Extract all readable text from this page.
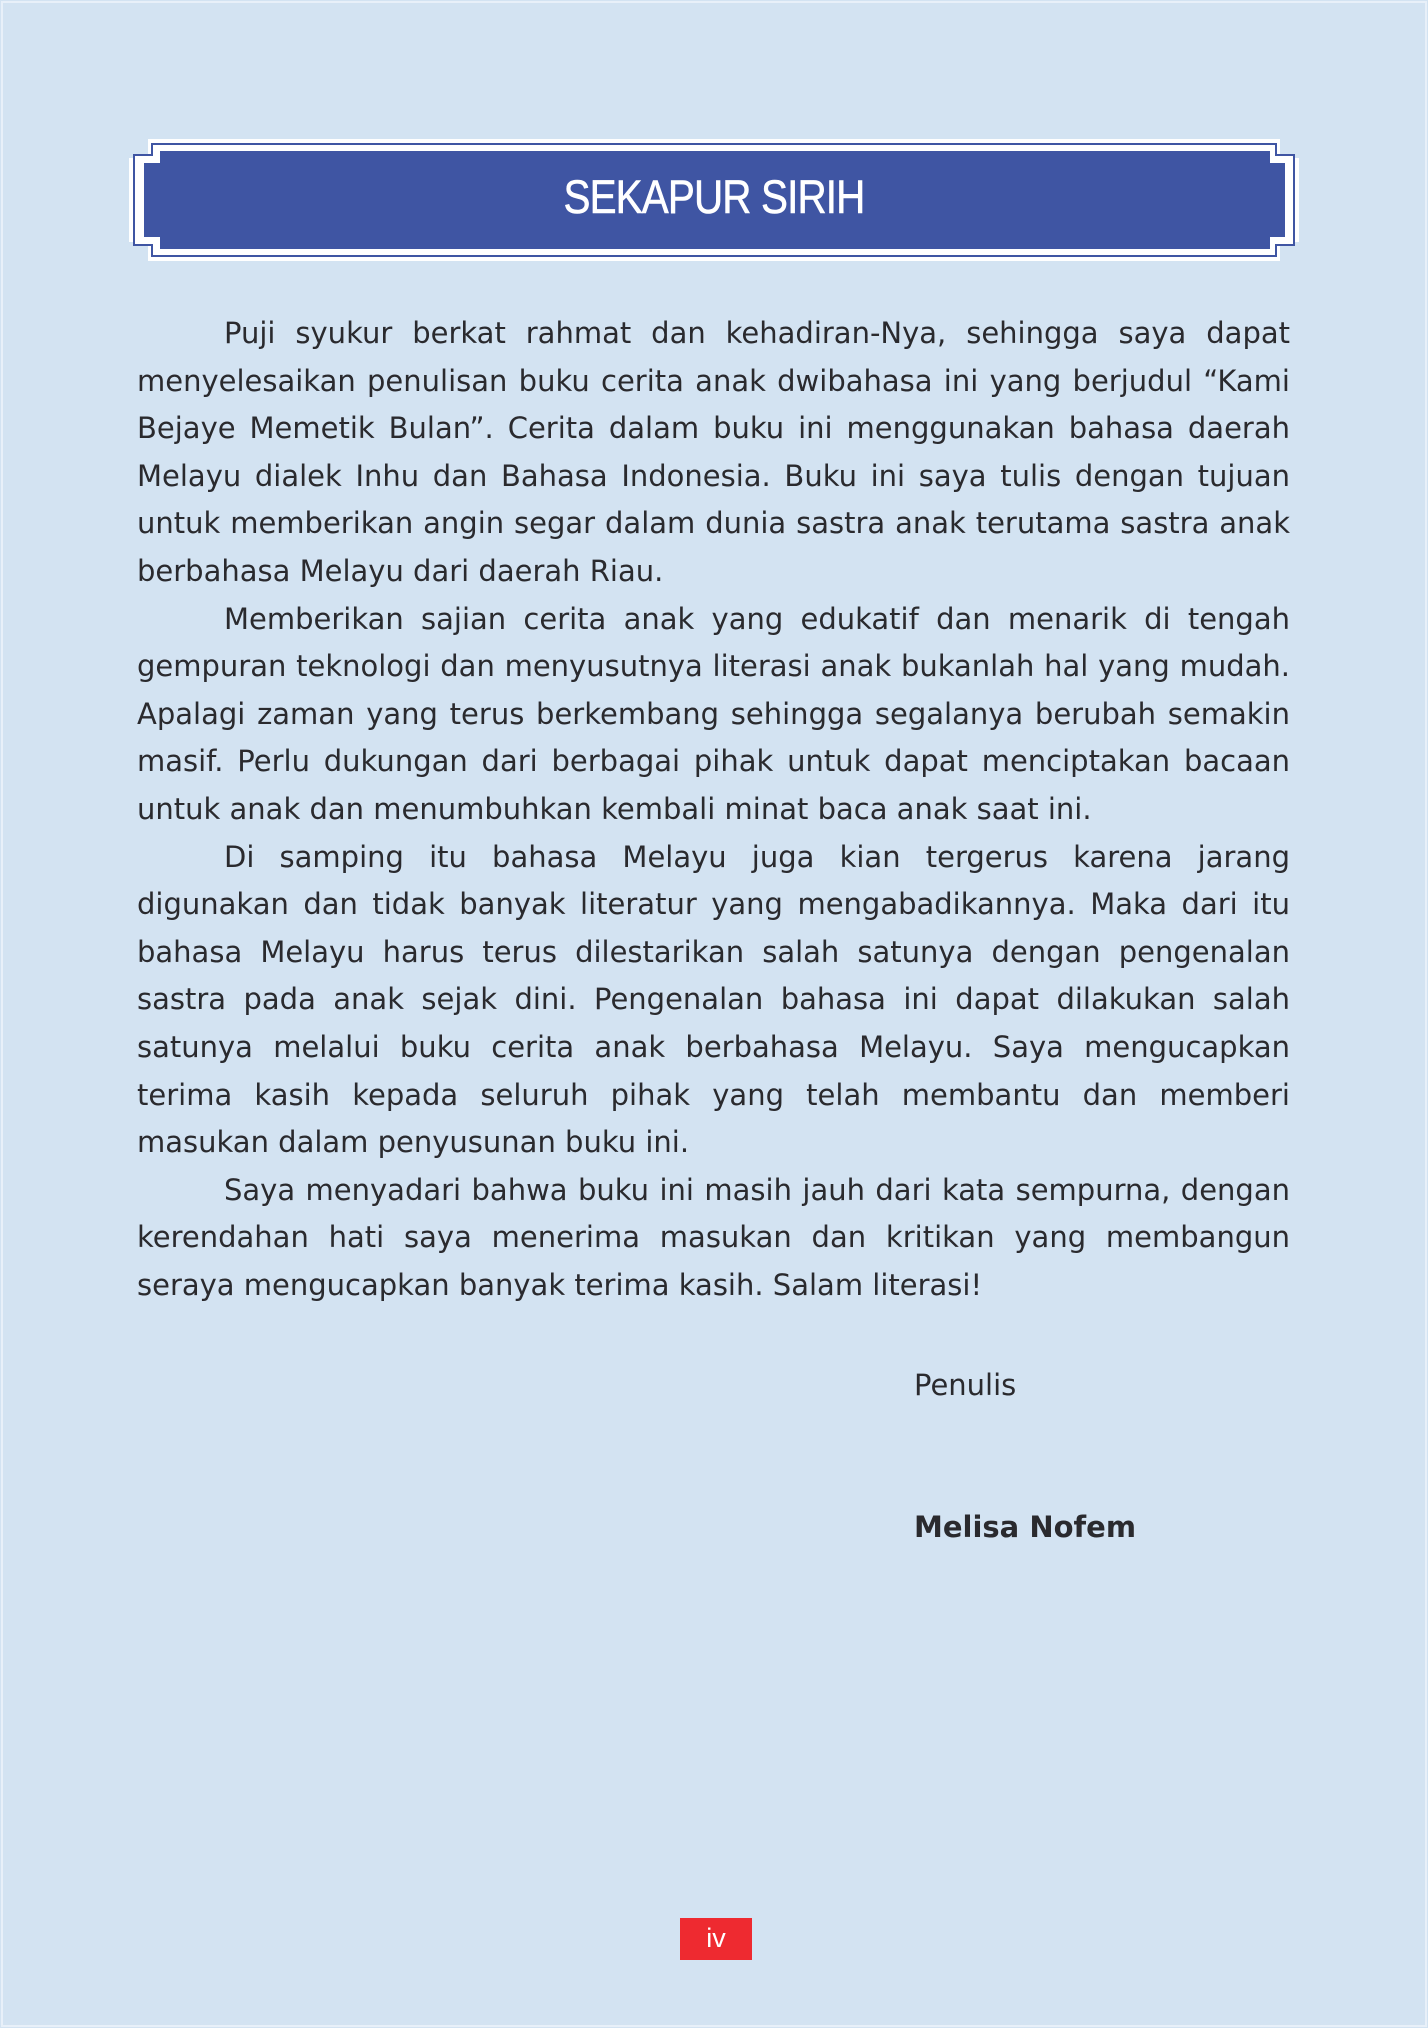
SEKAPUR SIRIH

Puji syukur berkat rahmat dan kehadiran-Nya, sehingga saya dapat menyelesaikan penulisan buku cerita anak dwibahasa ini yang berjudul “Kami Bejaye Memetik Bulan”. Cerita dalam buku ini menggunakan bahasa daerah Melayu dialek Inhu dan Bahasa Indonesia. Buku ini saya tulis dengan tujuan untuk memberikan angin segar dalam dunia sastra anak terutama sastra anak berbahasa Melayu dari daerah Riau.

Memberikan sajian cerita anak yang edukatif dan menarik di tengah gempuran teknologi dan menyusutnya literasi anak bukanlah hal yang mudah. Apalagi zaman yang terus berkembang sehingga segalanya berubah semakin masif. Perlu dukungan dari berbagai pihak untuk dapat menciptakan bacaan untuk anak dan menumbuhkan kembali minat baca anak saat ini.

Di samping itu bahasa Melayu juga kian tergerus karena jarang digunakan dan tidak banyak literatur yang mengabadikannya. Maka dari itu bahasa Melayu harus terus dilestarikan salah satunya dengan pengenalan sastra pada anak sejak dini. Pengenalan bahasa ini dapat dilakukan salah satunya melalui buku cerita anak berbahasa Melayu. Saya mengucapkan terima kasih kepada seluruh pihak yang telah membantu dan memberi masukan dalam penyusunan buku ini.

Saya menyadari bahwa buku ini masih jauh dari kata sempurna, dengan kerendahan hati saya menerima masukan dan kritikan yang membangun seraya mengucapkan banyak terima kasih. Salam literasi!

Penulis
Melisa Nofem
iv
